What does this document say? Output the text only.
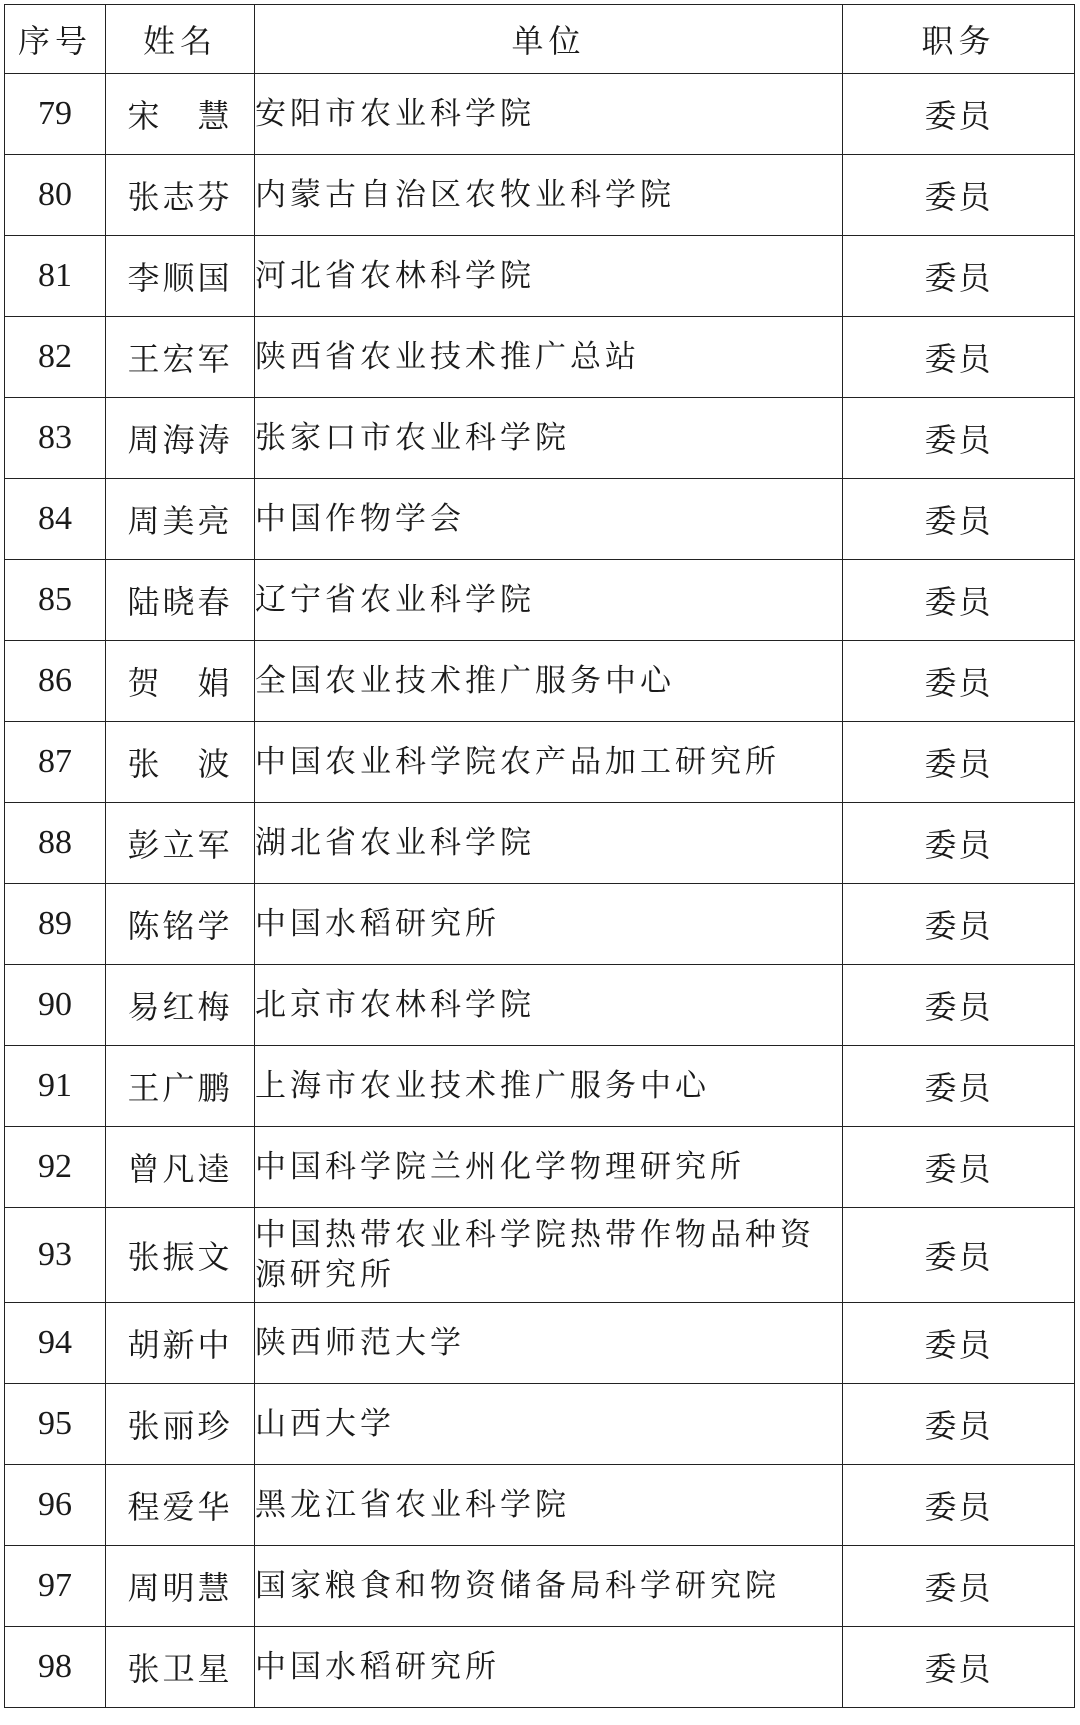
序号	姓名	单位	职务
79	宋　慧	安阳市农业科学院	委员
80	张志芬	内蒙古自治区农牧业科学院	委员
81	李顺国	河北省农林科学院	委员
82	王宏军	陕西省农业技术推广总站	委员
83	周海涛	张家口市农业科学院	委员
84	周美亮	中国作物学会	委员
85	陆晓春	辽宁省农业科学院	委员
86	贺　娟	全国农业技术推广服务中心	委员
87	张　波	中国农业科学院农产品加工研究所	委员
88	彭立军	湖北省农业科学院	委员
89	陈铭学	中国水稻研究所	委员
90	易红梅	北京市农林科学院	委员
91	王广鹏	上海市农业技术推广服务中心	委员
92	曾凡逵	中国科学院兰州化学物理研究所	委员
93	张振文	中国热带农业科学院热带作物品种资源研究所	委员
94	胡新中	陕西师范大学	委员
95	张丽珍	山西大学	委员
96	程爱华	黑龙江省农业科学院	委员
97	周明慧	国家粮食和物资储备局科学研究院	委员
98	张卫星	中国水稻研究所	委员
